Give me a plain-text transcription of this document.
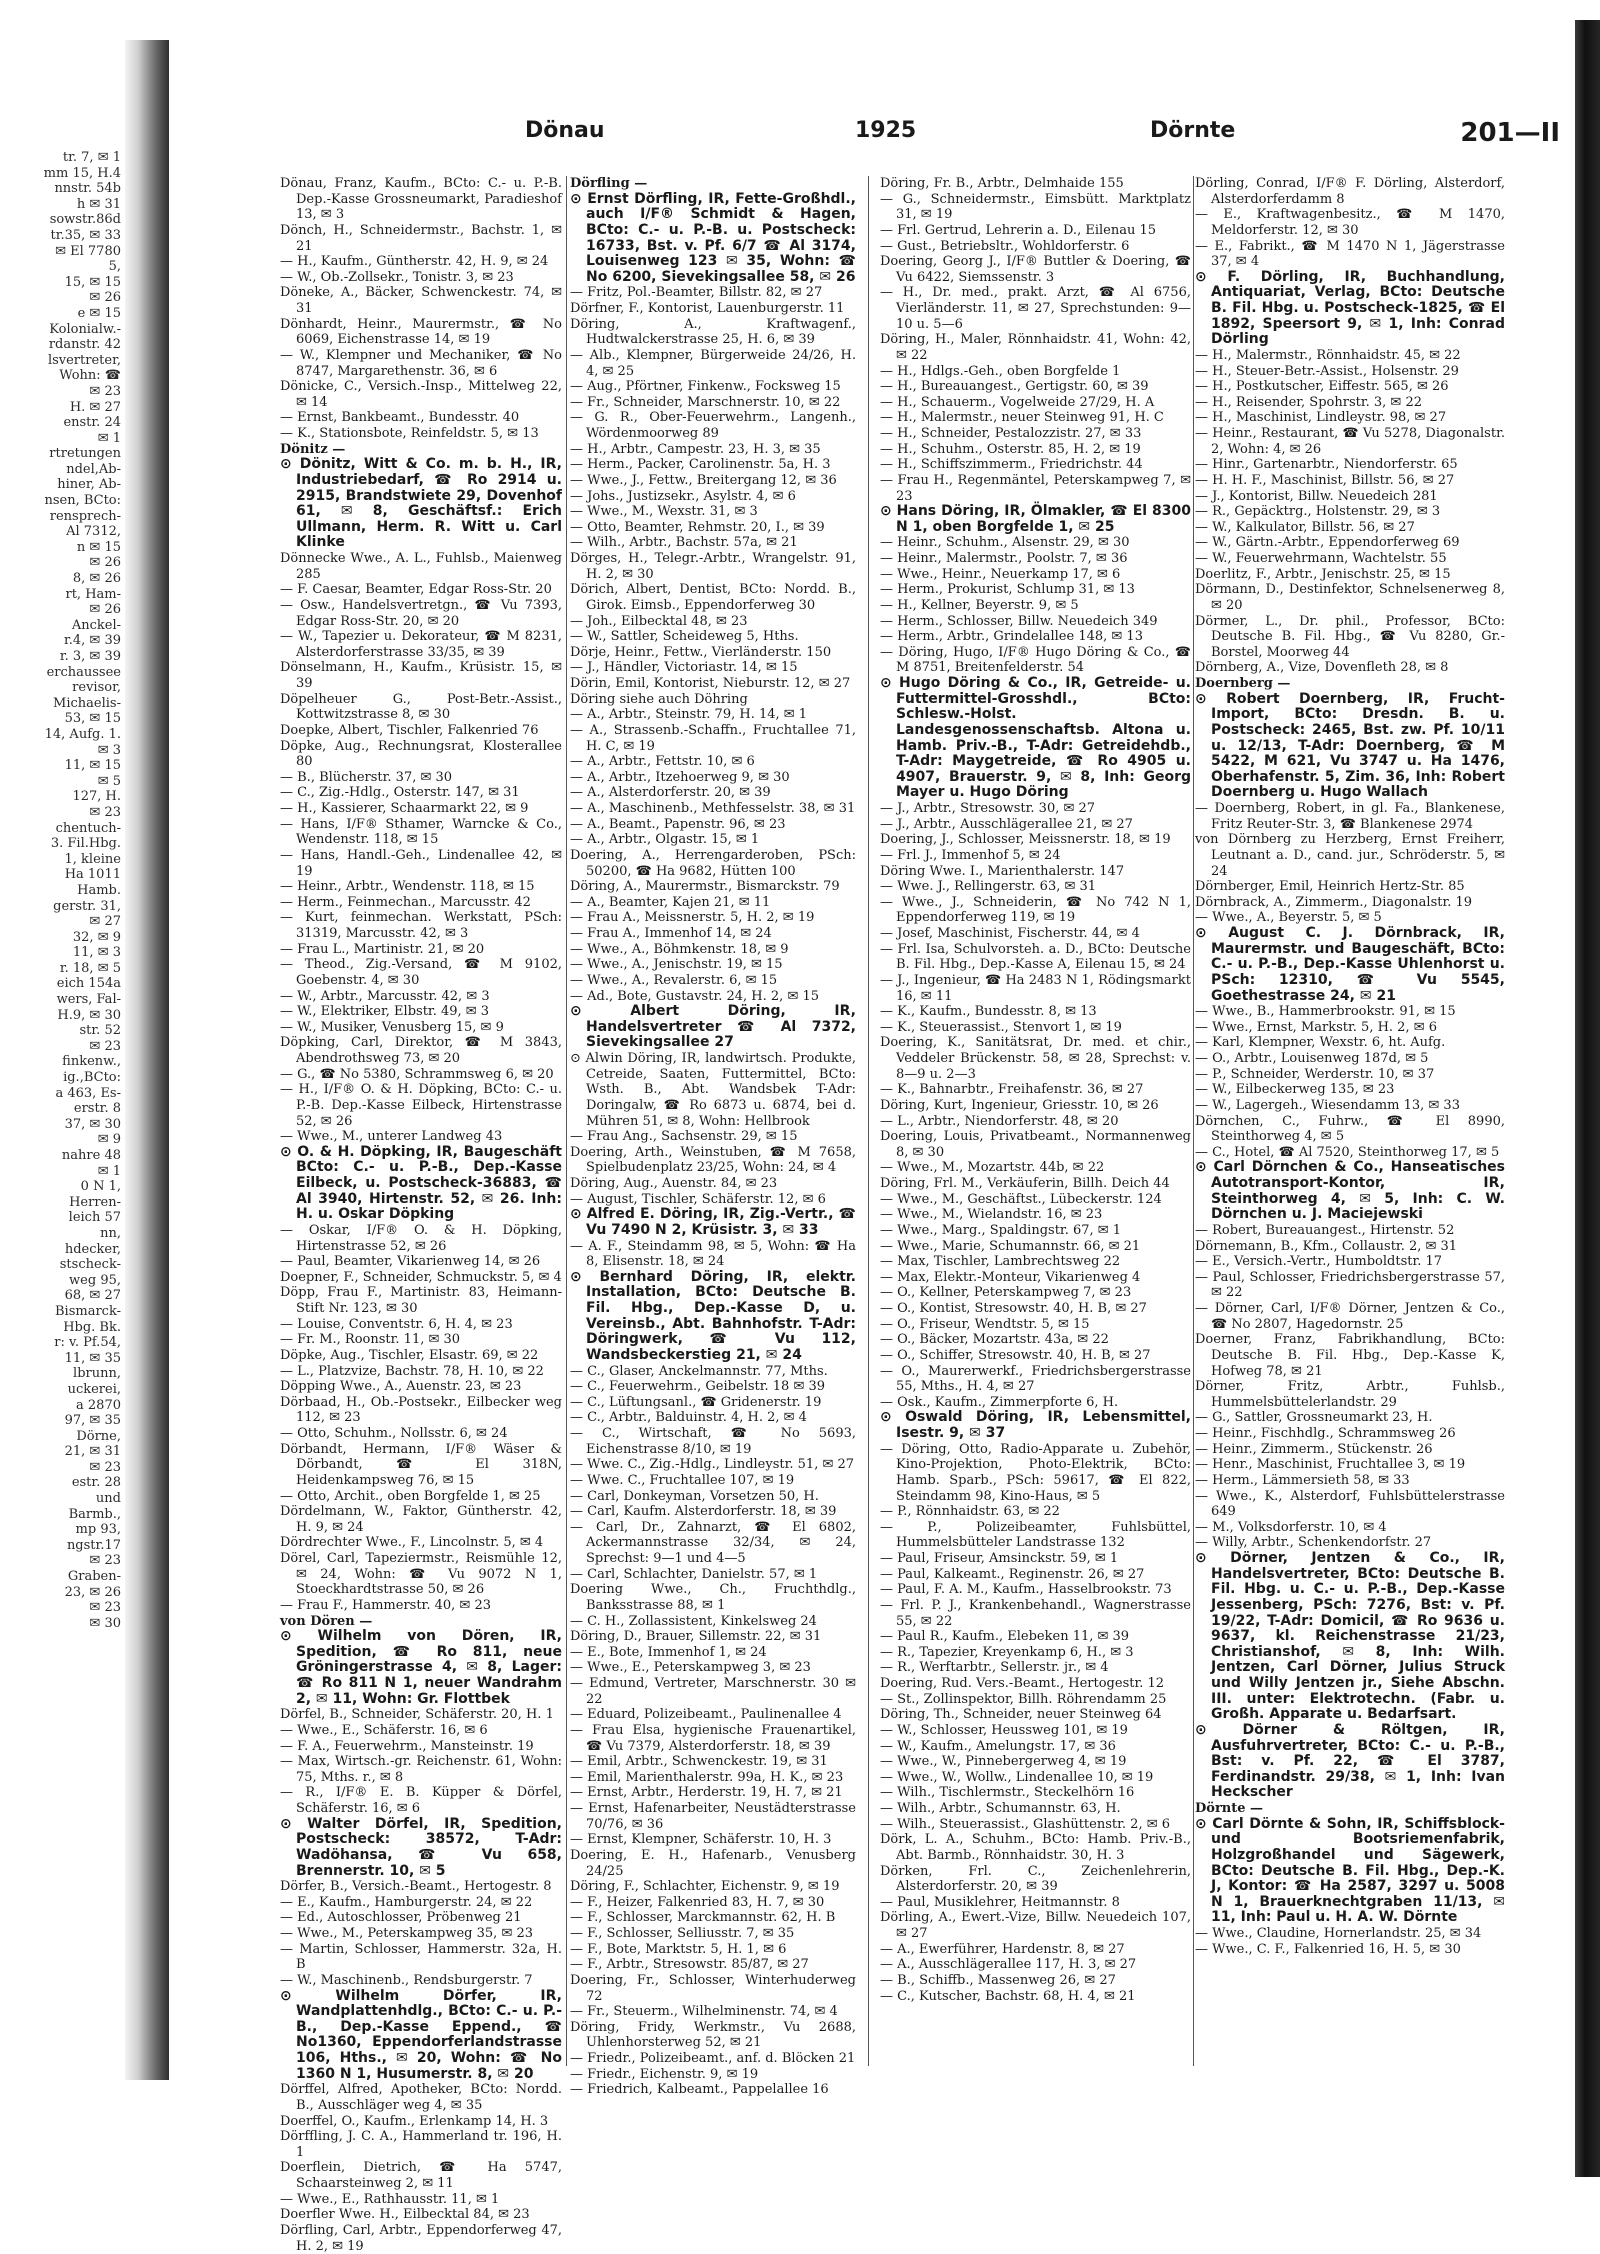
tr. 7, ✉ 1
mm 15, H.4
nnstr. 54b
h ✉ 31
sowstr.86d
tr.35, ✉ 33
✉ El 7780
5,
15, ✉ 15
✉ 26
e ✉ 15
Kolonialw.-
rdanstr. 42
lsvertreter,
Wohn: ☎
✉ 23
H. ✉ 27
enstr. 24
✉ 1
rtretungen
ndel,Ab-
hiner, Ab-
nsen, BCto:
rensprech-
Al 7312,
n ✉ 15
✉ 26
8, ✉ 26
rt, Ham-
✉ 26
Anckel-
r.4, ✉ 39
r. 3, ✉ 39
erchaussee
revisor,
Michaelis-
53, ✉ 15
14, Aufg. 1.
✉ 3
11, ✉ 15
✉ 5
127, H.
✉ 23
chentuch-
3. Fil.Hbg.
1, kleine
Ha 1011
Hamb.
gerstr. 31,
✉ 27
32, ✉ 9
11, ✉ 3
r. 18, ✉ 5
eich 154a
wers, Fal-
H.9, ✉ 30
str. 52
✉ 23
finkenw.,
ig.,BCto:
a 463, Es-
erstr. 8
37, ✉ 30
✉ 9
nahre 48
✉ 1
0 N 1,
Herren-
leich 57
nn,
hdecker,
stscheck-
weg 95,
68, ✉ 27
Bismarck-
Hbg. Bk.
r: v. Pf.54,
11, ✉ 35
lbrunn,
uckerei,
a 2870
97, ✉ 35
Dörne,
21, ✉ 31
✉ 23
estr. 28
und
Barmb.,
mp 93,
ngstr.17
✉ 23
Graben-
23, ✉ 26
✉ 23
✉ 30
Dönau	1925	Dörnte	201—II
Dönau, Franz, Kaufm., BCto: C.- u. P.-B. Dep.-Kasse Grossneumarkt, Paradieshof 13, ✉ 3
Dönch, H., Schneidermstr., Bachstr. 1, ✉ 21
— H., Kaufm., Güntherstr. 42, H. 9, ✉ 24
— W., Ob.-Zollsekr., Tonistr. 3, ✉ 23
Döneke, A., Bäcker, Schwenckestr. 74, ✉ 31
Dönhardt, Heinr., Maurermstr., ☎ No 6069, Eichenstrasse 14, ✉ 19
— W., Klempner und Mechaniker, ☎ No 8747, Margarethenstr. 36, ✉ 6
Dönicke, C., Versich.-Insp., Mittelweg 22, ✉ 14
— Ernst, Bankbeamt., Bundesstr. 40
— K., Stationsbote, Reinfeldstr. 5, ✉ 13
Dönitz —
⊙ Dönitz, Witt & Co. m. b. H., IR, Industriebedarf, ☎ Ro 2914 u. 2915, Brandstwiete 29, Dovenhof 61, ✉ 8, Geschäftsf.: Erich Ullmann, Herm. R. Witt u. Carl Klinke
Dönnecke Wwe., A. L., Fuhlsb., Maienweg 285
— F. Caesar, Beamter, Edgar Ross-Str. 20
— Osw., Handelsvertretgn., ☎ Vu 7393, Edgar Ross-Str. 20, ✉ 20
— W., Tapezier u. Dekorateur, ☎ M 8231, Alsterdorferstrasse 33/35, ✉ 39
Dönselmann, H., Kaufm., Krüsistr. 15, ✉ 39
Döpelheuer G., Post-Betr.-Assist., Kottwitzstrasse 8, ✉ 30
Doepke, Albert, Tischler, Falkenried 76
Döpke, Aug., Rechnungsrat, Klosterallee 80
— B., Blücherstr. 37, ✉ 30
— C., Zig.-Hdlg., Osterstr. 147, ✉ 31
— H., Kassierer, Schaarmarkt 22, ✉ 9
— Hans, I/F® Sthamer, Warncke & Co., Wendenstr. 118, ✉ 15
— Hans, Handl.-Geh., Lindenallee 42, ✉ 19
— Heinr., Arbtr., Wendenstr. 118, ✉ 15
— Herm., Feinmechan., Marcusstr. 42
— Kurt, feinmechan. Werkstatt, PSch: 31319, Marcusstr. 42, ✉ 3
— Frau L., Martinistr. 21, ✉ 20
— Theod., Zig.-Versand, ☎ M 9102, Goebenstr. 4, ✉ 30
— W., Arbtr., Marcusstr. 42, ✉ 3
— W., Elektriker, Elbstr. 49, ✉ 3
— W., Musiker, Venusberg 15, ✉ 9
Döpking, Carl, Direktor, ☎ M 3843, Abendrothsweg 73, ✉ 20
— G., ☎ No 5380, Schrammsweg 6, ✉ 20
— H., I/F® O. & H. Döpking, BCto: C.- u. P.-B. Dep.-Kasse Eilbeck, Hirtenstrasse 52, ✉ 26
— Wwe., M., unterer Landweg 43
⊙ O. & H. Döpking, IR, Baugeschäft BCto: C.- u. P.-B., Dep.-Kasse Eilbeck, u. Postscheck-36883, ☎ Al 3940, Hirtenstr. 52, ✉ 26. Inh: H. u. Oskar Döpking
— Oskar, I/F® O. & H. Döpking, Hirtenstrasse 52, ✉ 26
— Paul, Beamter, Vikarienweg 14, ✉ 26
Doepner, F., Schneider, Schmuckstr. 5, ✉ 4
Döpp, Frau F., Martinistr. 83, Heimann-Stift Nr. 123, ✉ 30
— Louise, Conventstr. 6, H. 4, ✉ 23
— Fr. M., Roonstr. 11, ✉ 30
Döpke, Aug., Tischler, Elsastr. 69, ✉ 22
— L., Platzvize, Bachstr. 78, H. 10, ✉ 22
Döpping Wwe., A., Auenstr. 23, ✉ 23
Dörbaad, H., Ob.-Postsekr., Eilbecker weg 112, ✉ 23
— Otto, Schuhm., Nollsstr. 6, ✉ 24
Dörbandt, Hermann, I/F® Wäser & Dörbandt, ☎ El 318N, Heidenkampsweg 76, ✉ 15
— Otto, Archit., oben Borgfelde 1, ✉ 25
Dördelmann, W., Faktor, Güntherstr. 42, H. 9, ✉ 24
Dördrechter Wwe., F., Lincolnstr. 5, ✉ 4
Dörel, Carl, Tapeziermstr., Reismühle 12, ✉ 24, Wohn: ☎ Vu 9072 N 1, Stoeckhardtstrasse 50, ✉ 26
— Frau F., Hammerstr. 40, ✉ 23
von Dören —
⊙ Wilhelm von Dören, IR, Spedition, ☎ Ro 811, neue Gröningerstrasse 4, ✉ 8, Lager: ☎ Ro 811 N 1, neuer Wandrahm 2, ✉ 11, Wohn: Gr. Flottbek
Dörfel, B., Schneider, Schäferstr. 20, H. 1
— Wwe., E., Schäferstr. 16, ✉ 6
— F. A., Feuerwehrm., Mansteinstr. 19
— Max, Wirtsch.-gr. Reichenstr. 61, Wohn: 75, Mths. r., ✉ 8
— R., I/F® E. B. Küpper & Dörfel, Schäferstr. 16, ✉ 6
⊙ Walter Dörfel, IR, Spedition, Postscheck: 38572, T-Adr: Wadöhansa, ☎ Vu 658, Brennerstr. 10, ✉ 5
Dörfer, B., Versich.-Beamt., Hertogestr. 8
— E., Kaufm., Hamburgerstr. 24, ✉ 22
— Ed., Autoschlosser, Pröbenweg 21
— Wwe., M., Peterskampweg 35, ✉ 23
— Martin, Schlosser, Hammerstr. 32a, H. B
— W., Maschinenb., Rendsburgerstr. 7
⊙ Wilhelm Dörfer, IR, Wandplattenhdlg., BCto: C.- u. P.-B., Dep.-Kasse Eppend., ☎ No1360, Eppendorferlandstrasse 106, Hths., ✉ 20, Wohn: ☎ No 1360 N 1, Husumerstr. 8, ✉ 20
Dörffel, Alfred, Apotheker, BCto: Nordd. B., Ausschläger weg 4, ✉ 35
Doerffel, O., Kaufm., Erlenkamp 14, H. 3
Dörffling, J. C. A., Hammerland tr. 196, H. 1
Doerflein, Dietrich, ☎ Ha 5747, Schaarsteinweg 2, ✉ 11
— Wwe., E., Rathhausstr. 11, ✉ 1
Doerfler Wwe. H., Eilbecktal 84, ✉ 23
Dörfling, Carl, Arbtr., Eppendorferweg 47, H. 2, ✉ 19
Dörfling —
⊙ Ernst Dörfling, IR, Fette-Großhdl., auch I/F® Schmidt & Hagen, BCto: C.- u. P.-B. u. Postscheck: 16733, Bst. v. Pf. 6/7 ☎ Al 3174, Louisenweg 123 ✉ 35, Wohn: ☎ No 6200, Sievekingsallee 58, ✉ 26
— Fritz, Pol.-Beamter, Billstr. 82, ✉ 27
Dörfner, F., Kontorist, Lauenburgerstr. 11
Döring, A., Kraftwagenf., Hudtwalckerstrasse 25, H. 6, ✉ 39
— Alb., Klempner, Bürgerweide 24/26, H. 4, ✉ 25
— Aug., Pförtner, Finkenw., Focksweg 15
— Fr., Schneider, Marschnerstr. 10, ✉ 22
— G. R., Ober-Feuerwehrm., Langenh., Wördenmoorweg 89
— H., Arbtr., Campestr. 23, H. 3, ✉ 35
— Herm., Packer, Carolinenstr. 5a, H. 3
— Wwe., J., Fettw., Breitergang 12, ✉ 36
— Johs., Justizsekr., Asylstr. 4, ✉ 6
— Wwe., M., Wexstr. 31, ✉ 3
— Otto, Beamter, Rehmstr. 20, I., ✉ 39
— Wilh., Arbtr., Bachstr. 57a, ✉ 21
Dörges, H., Telegr.-Arbtr., Wrangelstr. 91, H. 2, ✉ 30
Dörich, Albert, Dentist, BCto: Nordd. B., Girok. Eimsb., Eppendorferweg 30
— Joh., Eilbecktal 48, ✉ 23
— W., Sattler, Scheideweg 5, Hths.
Dörje, Heinr., Fettw., Vierländerstr. 150
— J., Händler, Victoriastr. 14, ✉ 15
Dörin, Emil, Kontorist, Nieburstr. 12, ✉ 27
Döring siehe auch Döhring
— A., Arbtr., Steinstr. 79, H. 14, ✉ 1
— A., Strassenb.-Schaffn., Fruchtallee 71, H. C, ✉ 19
— A., Arbtr., Fettstr. 10, ✉ 6
— A., Arbtr., Itzehoerweg 9, ✉ 30
— A., Alsterdorferstr. 20, ✉ 39
— A., Maschinenb., Methfesselstr. 38, ✉ 31
— A., Beamt., Papenstr. 96, ✉ 23
— A., Arbtr., Olgastr. 15, ✉ 1
Doering, A., Herrengarderoben, PSch: 50200, ☎ Ha 9682, Hütten 100
Döring, A., Maurermstr., Bismarckstr. 79
— A., Beamter, Kajen 21, ✉ 11
— Frau A., Meissnerstr. 5, H. 2, ✉ 19
— Frau A., Immenhof 14, ✉ 24
— Wwe., A., Böhmkenstr. 18, ✉ 9
— Wwe., A., Jenischstr. 19, ✉ 15
— Wwe., A., Revalerstr. 6, ✉ 15
— Ad., Bote, Gustavstr. 24, H. 2, ✉ 15
⊙ Albert Döring, IR, Handelsvertreter ☎ Al 7372, Sievekingsallee 27
⊙ Alwin Döring, IR, landwirtsch. Produkte, Cetreide, Saaten, Futtermittel, BCto: Wsth. B., Abt. Wandsbek T-Adr: Doringalw, ☎ Ro 6873 u. 6874, bei d. Mühren 51, ✉ 8, Wohn: Hellbrook
— Frau Ang., Sachsenstr. 29, ✉ 15
Doering, Arth., Weinstuben, ☎ M 7658, Spielbudenplatz 23/25, Wohn: 24, ✉ 4
Döring, Aug., Auenstr. 84, ✉ 23
— August, Tischler, Schäferstr. 12, ✉ 6
⊙ Alfred E. Döring, IR, Zig.-Vertr., ☎ Vu 7490 N 2, Krüsistr. 3, ✉ 33
— A. F., Steindamm 98, ✉ 5, Wohn: ☎ Ha 8, Elisenstr. 18, ✉ 24
⊙ Bernhard Döring, IR, elektr. Installation, BCto: Deutsche B. Fil. Hbg., Dep.-Kasse D, u. Vereinsb., Abt. Bahnhofstr. T-Adr: Döringwerk, ☎ Vu 112, Wandsbeckerstieg 21, ✉ 24
— C., Glaser, Anckelmannstr. 77, Mths.
— C., Feuerwehrm., Geibelstr. 18 ✉ 39
— C., Lüftungsanl., ☎ Gridenerstr. 19
— C., Arbtr., Balduinstr. 4, H. 2, ✉ 4
— C., Wirtschaft, ☎ No 5693, Eichenstrasse 8/10, ✉ 19
— Wwe. C., Zig.-Hdlg., Lindleystr. 51, ✉ 27
— Wwe. C., Fruchtallee 107, ✉ 19
— Carl, Donkeyman, Vorsetzen 50, H.
— Carl, Kaufm. Alsterdorferstr. 18, ✉ 39
— Carl, Dr., Zahnarzt, ☎ El 6802, Ackermannstrasse 32/34, ✉ 24, Sprechst: 9—1 und 4—5
— Carl, Schlachter, Danielstr. 57, ✉ 1
Doering Wwe., Ch., Fruchthdlg., Banksstrasse 88, ✉ 1
— C. H., Zollassistent, Kinkelsweg 24
Döring, D., Brauer, Sillemstr. 22, ✉ 31
— E., Bote, Immenhof 1, ✉ 24
— Wwe., E., Peterskampweg 3, ✉ 23
— Edmund, Vertreter, Marschnerstr. 30 ✉ 22
— Eduard, Polizeibeamt., Paulinenallee 4
— Frau Elsa, hygienische Frauenartikel, ☎ Vu 7379, Alsterdorferstr. 18, ✉ 39
— Emil, Arbtr., Schwenckestr. 19, ✉ 31
— Emil, Marienthalerstr. 99a, H. K., ✉ 23
— Ernst, Arbtr., Herderstr. 19, H. 7, ✉ 21
— Ernst, Hafenarbeiter, Neustädterstrasse 70/76, ✉ 36
— Ernst, Klempner, Schäferstr. 10, H. 3
Doering, E. H., Hafenarb., Venusberg 24/25
Döring, F., Schlachter, Eichenstr. 9, ✉ 19
— F., Heizer, Falkenried 83, H. 7, ✉ 30
— F., Schlosser, Marckmannstr. 62, H. B
— F., Schlosser, Selliusstr. 7, ✉ 35
— F., Bote, Marktstr. 5, H. 1, ✉ 6
— F., Arbtr., Stresowstr. 85/87, ✉ 27
Doering, Fr., Schlosser, Winterhuderweg 72
— Fr., Steuerm., Wilhelminenstr. 74, ✉ 4
Döring, Fridy, Werkmstr., Vu 2688, Uhlenhorsterweg 52, ✉ 21
— Friedr., Polizeibeamt., anf. d. Blöcken 21
— Friedr., Eichenstr. 9, ✉ 19
— Friedrich, Kalbeamt., Pappelallee 16
Döring, Fr. B., Arbtr., Delmhaide 155
— G., Schneidermstr., Eimsbütt. Marktplatz 31, ✉ 19
— Frl. Gertrud, Lehrerin a. D., Eilenau 15
— Gust., Betriebsltr., Wohldorferstr. 6
Doering, Georg J., I/F® Buttler & Doering, ☎ Vu 6422, Siemssenstr. 3
— H., Dr. med., prakt. Arzt, ☎ Al 6756, Vierländerstr. 11, ✉ 27, Sprechstunden: 9—10 u. 5—6
Döring, H., Maler, Rönnhaidstr. 41, Wohn: 42, ✉ 22
— H., Hdlgs.-Geh., oben Borgfelde 1
— H., Bureauangest., Gertigstr. 60, ✉ 39
— H., Schauerm., Vogelweide 27/29, H. A
— H., Malermstr., neuer Steinweg 91, H. C
— H., Schneider, Pestalozzistr. 27, ✉ 33
— H., Schuhm., Osterstr. 85, H. 2, ✉ 19
— H., Schiffszimmerm., Friedrichstr. 44
— Frau H., Regenmäntel, Peterskampweg 7, ✉ 23
⊙ Hans Döring, IR, Ölmakler, ☎ El 8300 N 1, oben Borgfelde 1, ✉ 25
— Heinr., Schuhm., Alsenstr. 29, ✉ 30
— Heinr., Malermstr., Poolstr. 7, ✉ 36
— Wwe., Heinr., Neuerkamp 17, ✉ 6
— Herm., Prokurist, Schlump 31, ✉ 13
— H., Kellner, Beyerstr. 9, ✉ 5
— Herm., Schlosser, Billw. Neuedeich 349
— Herm., Arbtr., Grindelallee 148, ✉ 13
— Döring, Hugo, I/F® Hugo Döring & Co., ☎ M 8751, Breitenfelderstr. 54
⊙ Hugo Döring & Co., IR, Getreide- u. Futtermittel-Grosshdl., BCto: Schlesw.-Holst. Landesgenossenschaftsb. Altona u. Hamb. Priv.-B., T-Adr: Getreidehdb., T-Adr: Maygetreide, ☎ Ro 4905 u. 4907, Brauerstr. 9, ✉ 8, Inh: Georg Mayer u. Hugo Döring
— J., Arbtr., Stresowstr. 30, ✉ 27
— J., Arbtr., Ausschlägerallee 21, ✉ 27
Doering, J., Schlosser, Meissnerstr. 18, ✉ 19
— Frl. J., Immenhof 5, ✉ 24
Döring Wwe. I., Marienthalerstr. 147
— Wwe. J., Rellingerstr. 63, ✉ 31
— Wwe., J., Schneiderin, ☎ No 742 N 1, Eppendorferweg 119, ✉ 19
— Josef, Maschinist, Fischerstr. 44, ✉ 4
— Frl. Isa, Schulvorsteh. a. D., BCto: Deutsche B. Fil. Hbg., Dep.-Kasse A, Eilenau 15, ✉ 24
— J., Ingenieur, ☎ Ha 2483 N 1, Rödingsmarkt 16, ✉ 11
— K., Kaufm., Bundesstr. 8, ✉ 13
— K., Steuerassist., Stenvort 1, ✉ 19
Doering, K., Sanitätsrat, Dr. med. et chir., Veddeler Brückenstr. 58, ✉ 28, Sprechst: v. 8—9 u. 2—3
— K., Bahnarbtr., Freihafenstr. 36, ✉ 27
Döring, Kurt, Ingenieur, Griesstr. 10, ✉ 26
— L., Arbtr., Niendorferstr. 48, ✉ 20
Doering, Louis, Privatbeamt., Normannenweg 8, ✉ 30
— Wwe., M., Mozartstr. 44b, ✉ 22
Döring, Frl. M., Verkäuferin, Billh. Deich 44
— Wwe., M., Geschäftst., Lübeckerstr. 124
— Wwe., M., Wielandstr. 16, ✉ 23
— Wwe., Marg., Spaldingstr. 67, ✉ 1
— Wwe., Marie, Schumannstr. 66, ✉ 21
— Max, Tischler, Lambrechtsweg 22
— Max, Elektr.-Monteur, Vikarienweg 4
— O., Kellner, Peterskampweg 7, ✉ 23
— O., Kontist, Stresowstr. 40, H. B, ✉ 27
— O., Friseur, Wendtstr. 5, ✉ 15
— O., Bäcker, Mozartstr. 43a, ✉ 22
— O., Schiffer, Stresowstr. 40, H. B, ✉ 27
— O., Maurerwerkf., Friedrichsbergerstrasse 55, Mths., H. 4, ✉ 27
— Osk., Kaufm., Zimmerpforte 6, H.
⊙ Oswald Döring, IR, Lebensmittel, Isestr. 9, ✉ 37
— Döring, Otto, Radio-Apparate u. Zubehör, Kino-Projektion, Photo-Elektrik, BCto: Hamb. Sparb., PSch: 59617, ☎ El 822, Steindamm 98, Kino-Haus, ✉ 5
— P., Rönnhaidstr. 63, ✉ 22
— P., Polizeibeamter, Fuhlsbüttel, Hummelsbütteler Landstrasse 132
— Paul, Friseur, Amsinckstr. 59, ✉ 1
— Paul, Kalkeamt., Reginenstr. 26, ✉ 27
— Paul, F. A. M., Kaufm., Hasselbrookstr. 73
— Frl. P. J., Krankenbehandl., Wagnerstrasse 55, ✉ 22
— Paul R., Kaufm., Elebeken 11, ✉ 39
— R., Tapezier, Kreyenkamp 6, H., ✉ 3
— R., Werftarbtr., Sellerstr. jr., ✉ 4
Doering, Rud. Vers.-Beamt., Hertogestr. 12
— St., Zollinspektor, Billh. Röhrendamm 25
Döring, Th., Schneider, neuer Steinweg 64
— W., Schlosser, Heussweg 101, ✉ 19
— W., Kaufm., Amelungstr. 17, ✉ 36
— Wwe., W., Pinnebergerweg 4, ✉ 19
— Wwe., W., Wollw., Lindenallee 10, ✉ 19
— Wilh., Tischlermstr., Steckelhörn 16
— Wilh., Arbtr., Schumannstr. 63, H.
— Wilh., Steuerassist., Glashüttenstr. 2, ✉ 6
Dörk, L. A., Schuhm., BCto: Hamb. Priv.-B., Abt. Barmb., Rönnhaidstr. 30, H. 3
Dörken, Frl. C., Zeichenlehrerin, Alsterdorferstr. 20, ✉ 39
— Paul, Musiklehrer, Heitmannstr. 8
Dörling, A., Ewert.-Vize, Billw. Neuedeich 107, ✉ 27
— A., Ewerführer, Hardenstr. 8, ✉ 27
— A., Ausschlägerallee 117, H. 3, ✉ 27
— B., Schiffb., Massenweg 26, ✉ 27
— C., Kutscher, Bachstr. 68, H. 4, ✉ 21
Dörling, Conrad, I/F® F. Dörling, Alsterdorf, Alsterdorferdamm 8
— E., Kraftwagenbesitz., ☎ M 1470, Meldorferstr. 12, ✉ 30
— E., Fabrikt., ☎ M 1470 N 1, Jägerstrasse 37, ✉ 4
⊙ F. Dörling, IR, Buchhandlung, Antiquariat, Verlag, BCto: Deutsche B. Fil. Hbg. u. Postscheck-1825, ☎ El 1892, Speersort 9, ✉ 1, Inh: Conrad Dörling
— H., Malermstr., Rönnhaidstr. 45, ✉ 22
— H., Steuer-Betr.-Assist., Holsenstr. 29
— H., Postkutscher, Eiffestr. 565, ✉ 26
— H., Reisender, Spohrstr. 3, ✉ 22
— H., Maschinist, Lindleystr. 98, ✉ 27
— Heinr., Restaurant, ☎ Vu 5278, Diagonalstr. 2, Wohn: 4, ✉ 26
— Hinr., Gartenarbtr., Niendorferstr. 65
— H. H. F., Maschinist, Billstr. 56, ✉ 27
— J., Kontorist, Billw. Neuedeich 281
— R., Gepäcktrg., Holstenstr. 29, ✉ 3
— W., Kalkulator, Billstr. 56, ✉ 27
— W., Gärtn.-Arbtr., Eppendorferweg 69
— W., Feuerwehrmann, Wachtelstr. 55
Doerlitz, F., Arbtr., Jenischstr. 25, ✉ 15
Dörmann, D., Destinfektor, Schnelsenerweg 8, ✉ 20
Dörmer, L., Dr. phil., Professor, BCto: Deutsche B. Fil. Hbg., ☎ Vu 8280, Gr.-Borstel, Moorweg 44
Dörnberg, A., Vize, Dovenfleth 28, ✉ 8
Doernberg —
⊙ Robert Doernberg, IR, Frucht-Import, BCto: Dresdn. B. u. Postscheck: 2465, Bst. zw. Pf. 10/11 u. 12/13, T-Adr: Doernberg, ☎ M 5422, M 621, Vu 3747 u. Ha 1476, Oberhafenstr. 5, Zim. 36, Inh: Robert Doernberg u. Hugo Wallach
— Doernberg, Robert, in gl. Fa., Blankenese, Fritz Reuter-Str. 3, ☎ Blankenese 2974
von Dörnberg zu Herzberg, Ernst Freiherr, Leutnant a. D., cand. jur., Schröderstr. 5, ✉ 24
Dörnberger, Emil, Heinrich Hertz-Str. 85
Dörnbrack, A., Zimmerm., Diagonalstr. 19
— Wwe., A., Beyerstr. 5, ✉ 5
⊙ August C. J. Dörnbrack, IR, Maurermstr. und Baugeschäft, BCto: C.- u. P.-B., Dep.-Kasse Uhlenhorst u. PSch: 12310, ☎ Vu 5545, Goethestrasse 24, ✉ 21
— Wwe., B., Hammerbrookstr. 91, ✉ 15
— Wwe., Ernst, Markstr. 5, H. 2, ✉ 6
— Karl, Klempner, Wexstr. 6, ht. Aufg.
— O., Arbtr., Louisenweg 187d, ✉ 5
— P., Schneider, Werderstr. 10, ✉ 37
— W., Eilbeckerweg 135, ✉ 23
— W., Lagergeh., Wiesendamm 13, ✉ 33
Dörnchen, C., Fuhrw., ☎ El 8990, Steinthorweg 4, ✉ 5
— C., Hotel, ☎ Al 7520, Steinthorweg 17, ✉ 5
⊙ Carl Dörnchen & Co., Hanseatisches Autotransport-Kontor, IR, Steinthorweg 4, ✉ 5, Inh: C. W. Dörnchen u. J. Maciejewski
— Robert, Bureauangest., Hirtenstr. 52
Dörnemann, B., Kfm., Collaustr. 2, ✉ 31
— E., Versich.-Vertr., Humboldtstr. 17
— Paul, Schlosser, Friedrichsbergerstrasse 57, ✉ 22
— Dörner, Carl, I/F® Dörner, Jentzen & Co., ☎ No 2807, Hagedornstr. 25
Doerner, Franz, Fabrikhandlung, BCto: Deutsche B. Fil. Hbg., Dep.-Kasse K, Hofweg 78, ✉ 21
Dörner, Fritz, Arbtr., Fuhlsb., Hummelsbüttelerlandstr. 29
— G., Sattler, Grossneumarkt 23, H.
— Heinr., Fischhdlg., Schrammsweg 26
— Heinr., Zimmerm., Stückenstr. 26
— Henr., Maschinist, Fruchtallee 3, ✉ 19
— Herm., Lämmersieth 58, ✉ 33
— Wwe., K., Alsterdorf, Fuhlsbüttelerstrasse 649
— M., Volksdorferstr. 10, ✉ 4
— Willy, Arbtr., Schenkendorfstr. 27
⊙ Dörner, Jentzen & Co., IR, Handelsvertreter, BCto: Deutsche B. Fil. Hbg. u. C.- u. P.-B., Dep.-Kasse Jessenberg, PSch: 7276, Bst: v. Pf. 19/22, T-Adr: Domicil, ☎ Ro 9636 u. 9637, kl. Reichenstrasse 21/23, Christianshof, ✉ 8, Inh: Wilh. Jentzen, Carl Dörner, Julius Struck und Willy Jentzen jr., Siehe Abschn. III. unter: Elektrotechn. (Fabr. u. Großh. Apparate u. Bedarfsart.
⊙ Dörner & Röltgen, IR, Ausfuhrvertreter, BCto: C.- u. P.-B., Bst: v. Pf. 22, ☎ El 3787, Ferdinandstr. 29/38, ✉ 1, Inh: Ivan Heckscher
Dörnte —
⊙ Carl Dörnte & Sohn, IR, Schiffsblock- und Bootsriemenfabrik, Holzgroßhandel und Sägewerk, BCto: Deutsche B. Fil. Hbg., Dep.-K. J, Kontor: ☎ Ha 2587, 3297 u. 5008 N 1, Brauerknechtgraben 11/13, ✉ 11, Inh: Paul u. H. A. W. Dörnte
— Wwe., Claudine, Hornerlandstr. 25, ✉ 34
— Wwe., C. F., Falkenried 16, H. 5, ✉ 30
